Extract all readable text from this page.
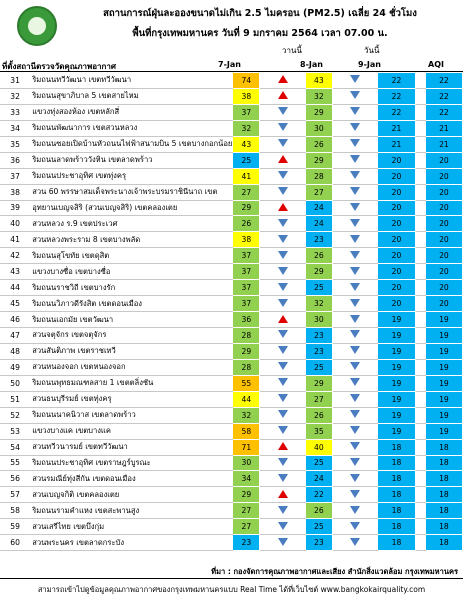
สถานการณ์ฝุ่นละอองขนาดไม่เกิน 2.5 ไมครอน (PM2.5) เฉลี่ย 24 ชั่วโมง
พื้นที่กรุงเทพมหานคร วันที่ 9 มกราคม 2564 เวลา 07.00 น.
วานนี้	วันนี้
ที่ตั้งสถานีตรวจวัดคุณภาพอากาศ	7-Jan	8-Jan	9-Jan	AQI
31	ริมถนนทวีวัฒนา เขตทวีวัฒนา	74		43		22		22
32	ริมถนนสุขาภิบาล 5 เขตสายไหม	38		32		22		22
33	แขวงทุ่งสองห้อง เขตหลักสี่	37		29		22		22
34	ริมถนนพัฒนาการ เขตสวนหลวง	32		30		21		21
35	ริมถนนซอยเปิดบ้านหัวถนนไฟฟ้าสนามบิน 5 เขตบางกอกน้อย	43		26		21		21
36	ริมถนนลาดพร้าววังหิน เขตลาดพร้าว	25		29		20		20
37	ริมถนนประชาอุทิศ เขตทุ่งครุ	41		28		20		20
38	สวน 60 พรรษาสมเด็จพระนางเจ้าพระบรมราชินีนาถ เขต	27		27		20		20
39	อุทยานเบญจสิริ (สวนเบญจสิริ) เขตคลองเตย	29		24		20		20
40	สวนหลวง ร.9 เขตประเวศ	26		24		20		20
41	สวนหลวงพระราม 8 เขตบางพลัด	38		23		20		20
42	ริมถนนสุโขทัย เขตดุสิต	37		26		20		20
43	แขวงบางซื่อ เขตบางซื่อ	37		29		20		20
44	ริมถนนราชวิถี เขตบางรัก	37		25		20		20
45	ริมถนนวิภาวดีรังสิต เขตดอนเมือง	37		32		20		20
46	ริมถนนเอกมัย เขตวัฒนา	36		30		19		19
47	สวนจตุจักร เขตจตุจักร	28		23		19		19
48	สวนสันติภาพ เขตราชเทวี	29		23		19		19
49	สวนหนองจอก เขตหนองจอก	28		25		19		19
50	ริมถนนพุทธมณฑลสาย 1 เขตตลิ่งชัน	55		29		19		19
51	สวนธนบุรีรมย์ เขตทุ่งครุ	44		27		19		19
52	ริมถนนนาคนิวาส เขตลาดพร้าว	32		26		19		19
53	แขวงบางแค เขตบางแค	58		35		19		19
54	สวนทวีวนารมย์ เขตทวีวัฒนา	71		40		18		18
55	ริมถนนประชาอุทิศ เขตราษฎร์บูรณะ	30		25		18		18
56	สวนรมณีย์ทุ่งสีกัน เขตดอนเมือง	34		24		18		18
57	สวนเบญจกิติ เขตคลองเตย	29		22		18		18
58	ริมถนนรามคำแหง เขตสะพานสูง	27		26		18		18
59	สวนเสรีไทย เขตบึงกุ่ม	27		25		18		18
60	สวนพระนคร เขตลาดกระบัง	23		23		18		18
ที่มา : กองจัดการคุณภาพอากาศและเสียง สำนักสิ่งแวดล้อม กรุงเทพมหานคร
สามารถเข้าไปดูข้อมูลคุณภาพอากาศของกรุงเทพมหานครแบบ Real Time ได้ที่เว็บไซต์ www.bangkokairquality.com
